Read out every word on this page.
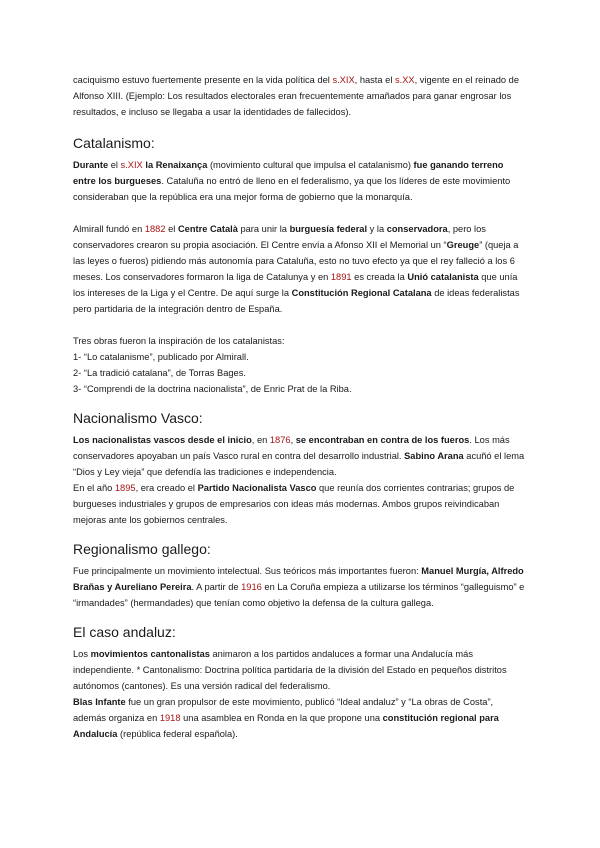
caciquismo estuvo fuertemente presente en la vida política del s.XIX, hasta el s.XX, vigente en el reinado de Alfonso XIII. (Ejemplo: Los resultados electorales eran frecuentemente amañados para ganar engrosar los resultados, e incluso se llegaba a usar la identidades de fallecidos).

Catalanismo:

Durante el s.XIX la Renaixança (movimiento cultural que impulsa el catalanismo) fue ganando terreno entre los burgueses. Cataluña no entró de lleno en el federalismo, ya que los líderes de este movimiento consideraban que la república era una mejor forma de gobierno que la monarquía.

Almirall fundó en 1882 el Centre Català para unir la burguesía federal y la conservadora, pero los conservadores crearon su propia asociación. El Centre envía a Afonso XII el Memorial un “Greuge” (queja a las leyes o fueros) pidiendo más autonomía para Cataluña, esto no tuvo efecto ya que el rey falleció a los 6 meses. Los conservadores formaron la liga de Catalunya y en 1891 es creada la Unió catalanista que unía los intereses de la Liga y el Centre. De aquí surge la Constitución Regional Catalana de ideas federalistas pero partidaria de la integración dentro de España.

Tres obras fueron la inspiración de los catalanistas:

1- “Lo catalanisme”, publicado por Almirall.

2- “La tradició catalana”, de Torras Bages.

3- “Comprendi de la doctrina nacionalista”, de Enric Prat de la Riba.

Nacionalismo Vasco:

Los nacionalistas vascos desde el inicio, en 1876, se encontraban en contra de los fueros. Los más conservadores apoyaban un país Vasco rural en contra del desarrollo industrial. Sabino Arana acuñó el lema “Dios y Ley vieja” que defendía las tradiciones e independencia.

En el año 1895, era creado el Partido Nacionalista Vasco que reunía dos corrientes contrarias; grupos de burgueses industriales y grupos de empresarios con ideas más modernas. Ambos grupos reivindicaban mejoras ante los gobiernos centrales.

Regionalismo gallego:

Fue principalmente un movimiento intelectual. Sus teóricos más importantes fueron: Manuel Murgía, Alfredo Brañas y Aureliano Pereira. A partir de 1916 en La Coruña empieza a utilizarse los términos “galleguismo” e “irmandades” (hermandades) que tenían como objetivo la defensa de la cultura gallega.

El caso andaluz:

Los movimientos cantonalistas animaron a los partidos andaluces a formar una Andalucía más independiente. * Cantonalismo: Doctrina política partidaria de la división del Estado en pequeños distritos autónomos (cantones). Es una versión radical del federalismo.

Blas Infante fue un gran propulsor de este movimiento, publicó “Ideal andaluz” y “La obras de Costa”, además organiza en 1918 una asamblea en Ronda en la que propone una constitución regional para Andalucía (república federal española).
